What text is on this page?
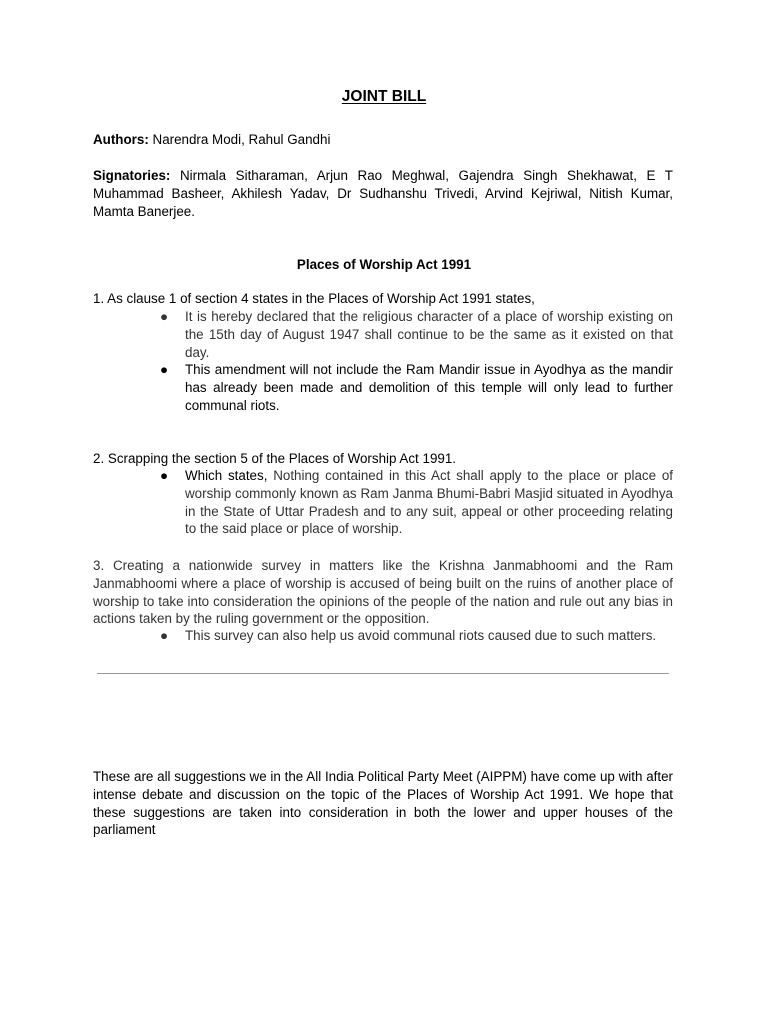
JOINT BILL
Authors: Narendra Modi, Rahul Gandhi
Signatories: Nirmala Sitharaman, Arjun Rao Meghwal, Gajendra Singh Shekhawat, E T Muhammad Basheer, Akhilesh Yadav, Dr Sudhanshu Trivedi, Arvind Kejriwal, Nitish Kumar, Mamta Banerjee.
Places of Worship Act 1991
1. As clause 1 of section 4 states in the Places of Worship Act 1991 states,
● It is hereby declared that the religious character of a place of worship existing on the 15th day of August 1947 shall continue to be the same as it existed on that day.
● This amendment will not include the Ram Mandir issue in Ayodhya as the mandir has already been made and demolition of this temple will only lead to further communal riots.
2. Scrapping the section 5 of the Places of Worship Act 1991.
● Which states, Nothing contained in this Act shall apply to the place or place of worship commonly known as Ram Janma Bhumi-Babri Masjid situated in Ayodhya in the State of Uttar Pradesh and to any suit, appeal or other proceeding relating to the said place or place of worship.
3. Creating a nationwide survey in matters like the Krishna Janmabhoomi and the Ram Janmabhoomi where a place of worship is accused of being built on the ruins of another place of worship to take into consideration the opinions of the people of the nation and rule out any bias in actions taken by the ruling government or the opposition.
● This survey can also help us avoid communal riots caused due to such matters.
These are all suggestions we in the All India Political Party Meet (AIPPM) have come up with after intense debate and discussion on the topic of the Places of Worship Act 1991. We hope that these suggestions are taken into consideration in both the lower and upper houses of the parliament
